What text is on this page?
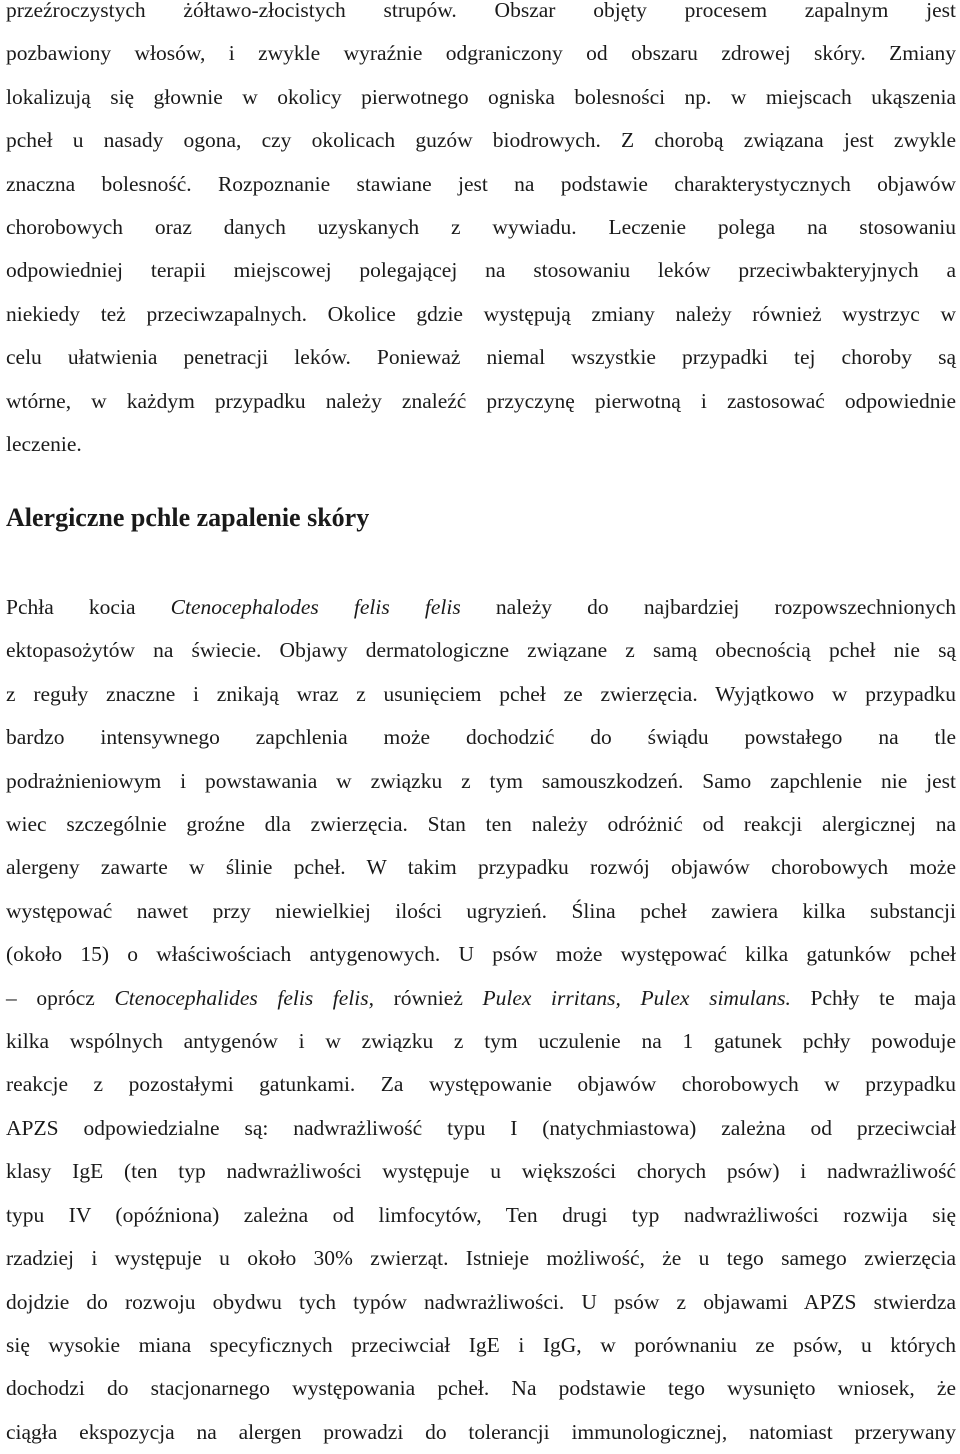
przeźroczystych żółtawo-złocistych strupów. Obszar objęty procesem zapalnym jest
pozbawiony włosów, i zwykle wyraźnie odgraniczony od obszaru zdrowej skóry. Zmiany
lokalizują się głownie w okolicy pierwotnego ogniska bolesności np. w miejscach ukąszenia
pcheł u nasady ogona, czy okolicach guzów biodrowych. Z chorobą związana jest zwykle
znaczna bolesność. Rozpoznanie stawiane jest na podstawie charakterystycznych objawów
chorobowych oraz danych uzyskanych z wywiadu. Leczenie polega na stosowaniu
odpowiedniej terapii miejscowej polegającej na stosowaniu leków przeciwbakteryjnych a
niekiedy też przeciwzapalnych. Okolice gdzie występują zmiany należy również wystrzyc w
celu ułatwienia penetracji leków. Ponieważ niemal wszystkie przypadki tej choroby są
wtórne, w każdym przypadku należy znaleźć przyczynę pierwotną i zastosować odpowiednie
leczenie.
Alergiczne pchle zapalenie skóry
Pchła kocia Ctenocephalodes felis felis należy do najbardziej rozpowszechnionych
ektopasożytów na świecie. Objawy dermatologiczne związane z samą obecnością pcheł nie są
z reguły znaczne i znikają wraz z usunięciem pcheł ze zwierzęcia. Wyjątkowo w przypadku
bardzo intensywnego zapchlenia może dochodzić do świądu powstałego na tle
podrażnieniowym i powstawania w związku z tym samouszkodzeń. Samo zapchlenie nie jest
wiec szczególnie groźne dla zwierzęcia. Stan ten należy odróżnić od reakcji alergicznej na
alergeny zawarte w ślinie pcheł. W takim przypadku rozwój objawów chorobowych może
występować nawet przy niewielkiej ilości ugryzień. Ślina pcheł zawiera kilka substancji
(około 15) o właściwościach antygenowych. U psów może występować kilka gatunków pcheł
– oprócz Ctenocephalides felis felis, również Pulex irritans, Pulex simulans. Pchły te maja
kilka wspólnych antygenów i w związku z tym uczulenie na 1 gatunek pchły powoduje
reakcje z pozostałymi gatunkami. Za występowanie objawów chorobowych w przypadku
APZS odpowiedzialne są: nadwrażliwość typu I (natychmiastowa) zależna od przeciwciał
klasy IgE (ten typ nadwrażliwości występuje u większości chorych psów) i nadwrażliwość
typu IV (opóźniona) zależna od limfocytów, Ten drugi typ nadwrażliwości rozwija się
rzadziej i występuje u około 30% zwierząt. Istnieje możliwość, że u tego samego zwierzęcia
dojdzie do rozwoju obydwu tych typów nadwrażliwości. U psów z objawami APZS stwierdza
się wysokie miana specyficznych przeciwciał IgE i IgG, w porównaniu ze psów, u których
dochodzi do stacjonarnego występowania pcheł. Na podstawie tego wysunięto wniosek, że
ciągła ekspozycja na alergen prowadzi do tolerancji immunologicznej, natomiast przerywany
